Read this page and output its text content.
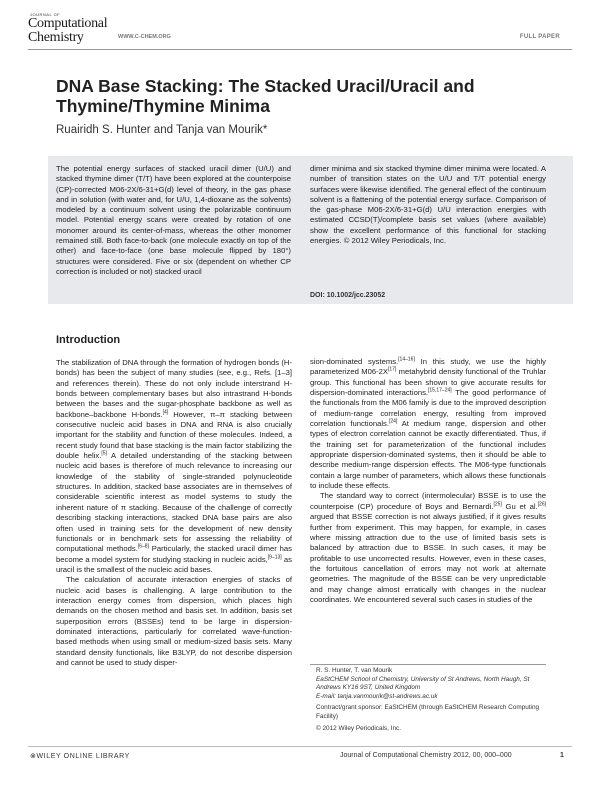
JOURNAL OF
Computational Chemistry	WWW.C-CHEM.ORG	FULL PAPER
DNA Base Stacking: The Stacked Uracil/Uracil and Thymine/Thymine Minima
Ruairidh S. Hunter and Tanja van Mourik*
The potential energy surfaces of stacked uracil dimer (U/U) and stacked thymine dimer (T/T) have been explored at the counterpoise (CP)-corrected M06-2X/6-31+G(d) level of theory, in the gas phase and in solution (with water and, for U/U, 1,4-dioxane as the solvents) modeled by a continuum solvent using the polarizable continuum model. Potential energy scans were created by rotation of one monomer around its center-of-mass, whereas the other monomer remained still. Both face-to-back (one molecule exactly on top of the other) and face-to-face (one base molecule flipped by 180°) structures were considered. Five or six (dependent on whether CP correction is included or not) stacked uracil
dimer minima and six stacked thymine dimer minima were located. A number of transition states on the U/U and T/T potential energy surfaces were likewise identified. The general effect of the continuum solvent is a flattening of the potential energy surface. Comparison of the gas-phase M06-2X/6-31+G(d) U/U interaction energies with estimated CCSD(T)/complete basis set values (where available) show the excellent performance of this functional for stacking energies. © 2012 Wiley Periodicals, Inc.
DOI: 10.1002/jcc.23052
Introduction

The stabilization of DNA through the formation of hydrogen bonds (H-bonds) has been the subject of many studies (see, e.g., Refs. [1–3] and references therein). These do not only include interstrand H-bonds between complementary bases but also intrastrand H-bonds between the bases and the sugar-phosphate backbone as well as backbone–backbone H-bonds.[4] However, π–π stacking between consecutive nucleic acid bases in DNA and RNA is also crucially important for the stability and function of these molecules. Indeed, a recent study found that base stacking is the main factor stabilizing the double helix.[5] A detailed understanding of the stacking between nucleic acid bases is therefore of much relevance to increasing our knowledge of the stability of single-stranded polynucleotide structures. In addition, stacked base associates are in themselves of considerable scientific interest as model systems to study the inherent nature of π stacking. Because of the challenge of correctly describing stacking interactions, stacked DNA base pairs are also often used in training sets for the development of new density functionals or in benchmark sets for assessing the reliability of computational methods.[6–8] Particularly, the stacked uracil dimer has become a model system for studying stacking in nucleic acids,[9–13] as uracil is the smallest of the nucleic acid bases.

The calculation of accurate interaction energies of stacks of nucleic acid bases is challenging. A large contribution to the interaction energy comes from dispersion, which places high demands on the chosen method and basis set. In addition, basis set superposition errors (BSSEs) tend to be large in dispersion-dominated interactions, particularly for correlated wave-function-based methods when using small or medium-sized basis sets. Many standard density functionals, like B3LYP, do not describe dispersion and cannot be used to study disper-

sion-dominated systems.[14–16] In this study, we use the highly parameterized M06-2X[17] metahybrid density functional of the Truhlar group. This functional has been shown to give accurate results for dispersion-dominated interactions.[15,17–24] The good performance of the functionals from the M06 family is due to the improved description of medium-range correlation energy, resulting from improved correlation functionals.[24] At medium range, dispersion and other types of electron correlation cannot be exactly differentiated. Thus, if the training set for parameterization of the functional includes appropriate dispersion-dominated systems, then it should be able to describe medium-range dispersion effects. The M06-type functionals contain a large number of parameters, which allows these functionals to include these effects.

The standard way to correct (intermolecular) BSSE is to use the counterpoise (CP) procedure of Boys and Bernardi.[25] Gu et al.[26] argued that BSSE correction is not always justified, if it gives results further from experiment. This may happen, for example, in cases where missing attraction due to the use of limited basis sets is balanced by attraction due to BSSE. In such cases, it may be profitable to use uncorrected results. However, even in these cases, the fortuitous cancellation of errors may not work at alternate geometries. The magnitude of the BSSE can be very unpredictable and may change almost erratically with changes in the nuclear coordinates. We encountered several such cases in studies of the

R. S. Hunter, T. van Mourik
EaStCHEM School of Chemistry, University of St Andrews, North Haugh, St Andrews KY16 9ST, United Kingdom
E-mail: tanja.vanmourik@st-andrews.ac.uk
Contract/grant sponsor: EaStCHEM (through EaStCHEM Research Computing Facility)
© 2012 Wiley Periodicals, Inc.
⊗WILEY ONLINE LIBRARY	Journal of Computational Chemistry 2012, 00, 000–000	1
